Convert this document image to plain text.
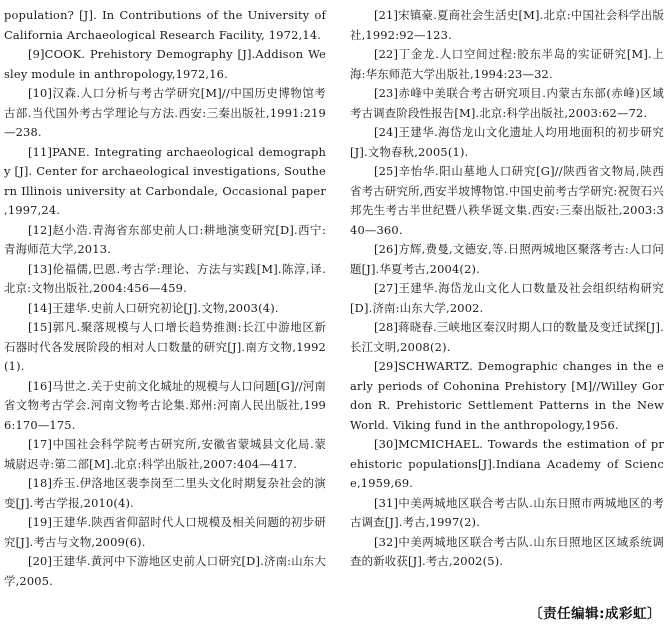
population? [J]. In Contributions of the University of California Archaeological Research Facility, 1972,14.

[9]COOK. Prehistory Demography [J].Addison Wesley module in anthropology,1972,16.

[10]汉森.人口分析与考古学研究[M]//中国历史博物馆考古部.当代国外考古学理论与方法.西安:三秦出版社,1991:219—238.

[11]PANE. Integrating archaeological demography [J]. Center for archaeological investigations, Southern Illinois university at Carbondale, Occasional paper ,1997,24.

[12]赵小浩.青海省东部史前人口:耕地演变研究[D].西宁:青海师范大学,2013.

[13]伦福儒,巴恩.考古学:理论、方法与实践[M].陈淳,译.北京:文物出版社,2004:456—459.

[14]王建华.史前人口研究初论[J].文物,2003(4).

[15]郭凡.聚落规模与人口增长趋势推测:长江中游地区新石器时代各发展阶段的相对人口数量的研究[J].南方文物,1992(1).

[16]马世之.关于史前文化城址的规模与人口问题[G]//河南省文物考古学会.河南文物考古论集.郑州:河南人民出版社,1996:170—175.

[17]中国社会科学院考古研究所,安徽省蒙城县文化局.蒙城尉迟寺:第二部[M].北京:科学出版社,2007:404—417.

[18]乔玉.伊洛地区裴李岗至二里头文化时期复杂社会的演变[J].考古学报,2010(4).

[19]王建华.陕西省仰韶时代人口规模及相关问题的初步研究[J].考古与文物,2009(6).

[20]王建华.黄河中下游地区史前人口研究[D].济南:山东大学,2005.

[21]宋镇豪.夏商社会生活史[M].北京:中国社会科学出版社,1992:92—123.

[22]丁金龙.人口空间过程:胶东半岛的实证研究[M].上海:华东师范大学出版社,1994:23—32.

[23]赤峰中美联合考古研究项目.内蒙古东部(赤峰)区域考古调查阶段性报告[M].北京:科学出版社,2003:62—72.

[24]王建华.海岱龙山文化遗址人均用地面积的初步研究[J].文物春秋,2005(1).

[25]辛怡华.阳山墓地人口研究[G]//陕西省文物局,陕西省考古研究所,西安半坡博物馆.中国史前考古学研究:祝贺石兴邦先生考古半世纪暨八秩华诞文集.西安:三秦出版社,2003:340—360.

[26]方辉,费曼,文德安,等.日照两城地区聚落考古:人口问题[J].华夏考古,2004(2).

[27]王建华.海岱龙山文化人口数量及社会组织结构研究[D].济南:山东大学,2002.

[28]蒋晓春.三峡地区秦汉时期人口的数量及变迁试探[J].长江文明,2008(2).

[29]SCHWARTZ. Demographic changes in the early periods of Cohonina Prehistory [M]//Willey Gordon R. Prehistoric Settlement Patterns in the New World. Viking fund in the anthropology,1956.

[30]MCMICHAEL. Towards the estimation of prehistoric populations[J].Indiana Academy of Science,1959,69.

[31]中美两城地区联合考古队.山东日照市两城地区的考古调查[J].考古,1997(2).

[32]中美两城地区联合考古队.山东日照地区区域系统调查的新收获[J].考古,2002(5).

〔责任编辑:成彩虹〕
